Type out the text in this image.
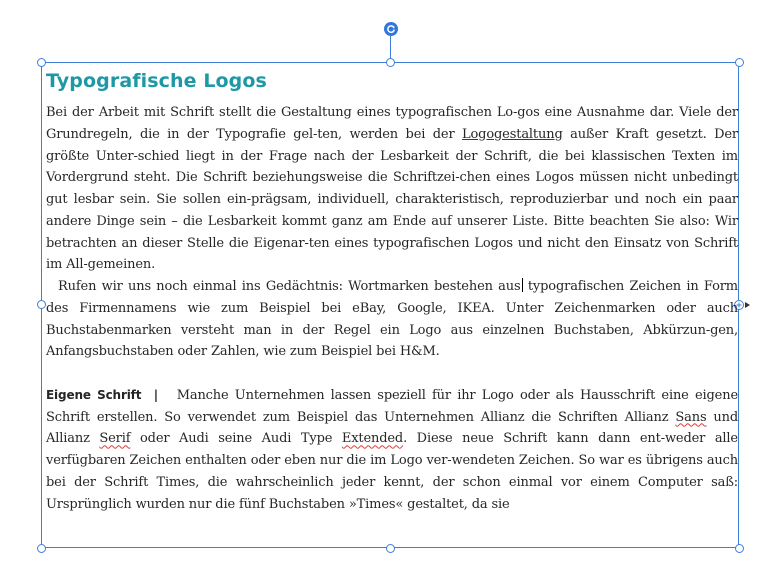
Typografische Logos

Bei der Arbeit mit Schrift stellt die Gestaltung eines typografischen Lo-gos eine Ausnahme dar. Viele der Grundregeln, die in der Typografie gel-ten, werden bei der Logogestaltung außer Kraft gesetzt. Der größte Unter-schied liegt in der Frage nach der Lesbarkeit der Schrift, die bei klassischen Texten im Vordergrund steht. Die Schrift beziehungsweise die Schriftzei-chen eines Logos müssen nicht unbedingt gut lesbar sein. Sie sollen ein-prägsam, individuell, charakteristisch, reproduzierbar und noch ein paar andere Dinge sein – die Lesbarkeit kommt ganz am Ende auf unserer Liste. Bitte beachten Sie also: Wir betrachten an dieser Stelle die Eigenar-ten eines typografischen Logos und nicht den Einsatz von Schrift im All-gemeinen.

Rufen wir uns noch einmal ins Gedächtnis: Wortmarken bestehen aus typografischen Zeichen in Form des Firmennamens wie zum Beispiel bei eBay, Google, IKEA. Unter Zeichenmarken oder auch Buchstabenmarken versteht man in der Regel ein Logo aus einzelnen Buchstaben, Abkürzun-gen, Anfangsbuchstaben oder Zahlen, wie zum Beispiel bei H&M.

Eigene Schrift | Manche Unternehmen lassen speziell für ihr Logo oder als Hausschrift eine eigene Schrift erstellen. So verwendet zum Beispiel das Unternehmen Allianz die Schriften Allianz Sans und Allianz Serif oder Audi seine Audi Type Extended. Diese neue Schrift kann dann ent-weder alle verfügbaren Zeichen enthalten oder eben nur die im Logo ver-wendeten Zeichen. So war es übrigens auch bei der Schrift Times, die wahrscheinlich jeder kennt, der schon einmal vor einem Computer saß: Ursprünglich wurden nur die fünf Buchstaben »Times« gestaltet, da sie
